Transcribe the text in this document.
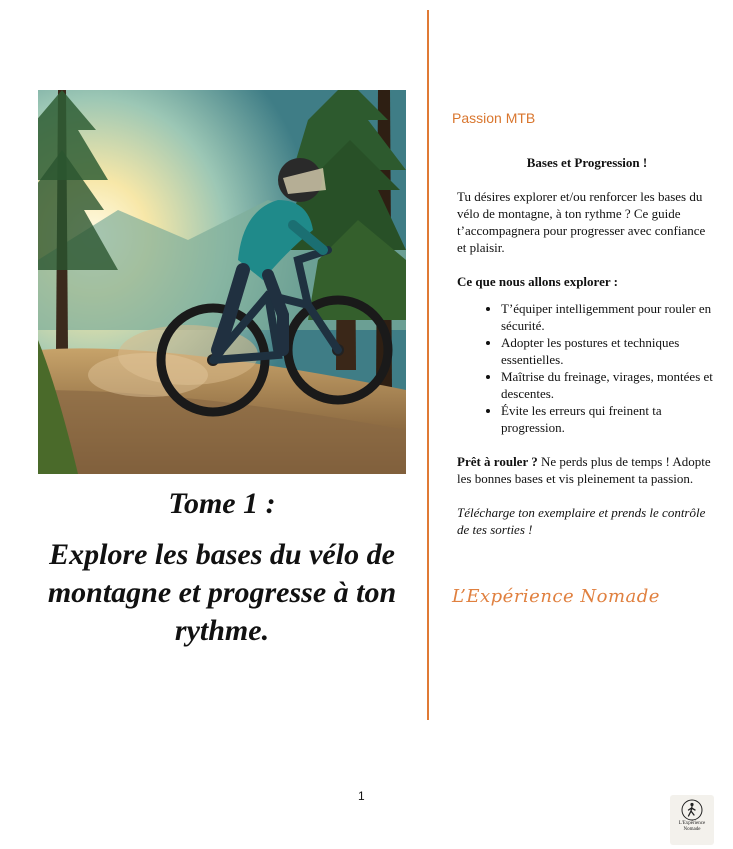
Tome 1 :
Explore les bases du vélo de montagne et progresse à ton rythme.
Passion MTB

Bases et Progression !

Tu désires explorer et/ou renforcer les bases du vélo de montagne, à ton rythme ? Ce guide t’accompagnera pour progresser avec confiance et plaisir.

Ce que nous allons explorer :

• T’équiper intelligemment pour rouler en sécurité.
• Adopter les postures et techniques essentielles.
• Maîtrise du freinage, virages, montées et descentes.
• Évite les erreurs qui freinent ta progression.

Prêt à rouler ? Ne perds plus de temps ! Adopte les bonnes bases et vis pleinement ta passion.

Télécharge ton exemplaire et prends le contrôle de tes sorties !

L’Expérience Nomade
1
L'Expérience
Nomade
